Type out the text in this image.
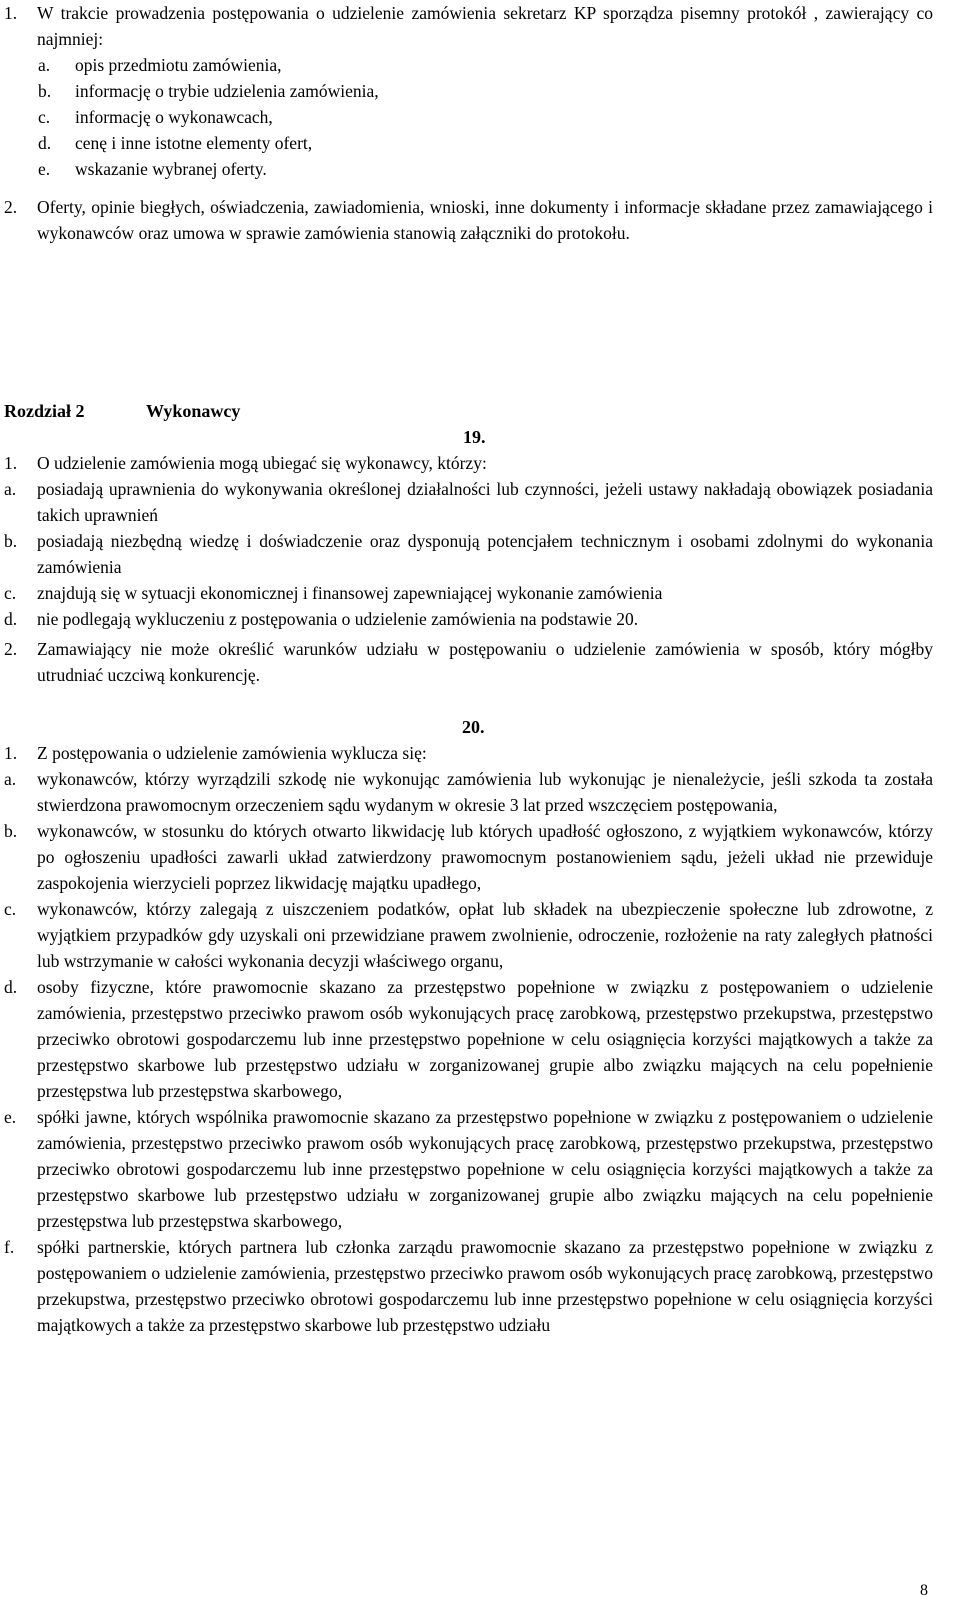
1.	W trakcie prowadzenia postępowania o udzielenie zamówienia sekretarz KP sporządza pisemny protokół , zawierający co najmniej:
a.	opis przedmiotu zamówienia,
b.	informację o trybie udzielenia zamówienia,
c.	informację o wykonawcach,
d.	cenę i inne istotne elementy ofert,
e.	wskazanie wybranej oferty.
2.	Oferty, opinie biegłych, oświadczenia, zawiadomienia, wnioski, inne dokumenty i informacje składane przez zamawiającego i wykonawców oraz umowa w sprawie zamówienia stanowią załączniki do protokołu.
Rozdział 2	Wykonawcy
19.
1.	O udzielenie zamówienia mogą ubiegać się wykonawcy, którzy:
a.	posiadają uprawnienia do wykonywania określonej działalności lub czynności, jeżeli ustawy nakładają obowiązek posiadania takich uprawnień
b.	posiadają niezbędną wiedzę i doświadczenie oraz dysponują potencjałem technicznym i osobami zdolnymi do wykonania zamówienia
c.	znajdują się w sytuacji ekonomicznej i finansowej zapewniającej wykonanie zamówienia
d.	nie podlegają wykluczeniu z postępowania o udzielenie zamówienia na podstawie 20.
2.	Zamawiający nie może określić warunków udziału w postępowaniu o udzielenie zamówienia w sposób, który mógłby utrudniać uczciwą konkurencję.
20.
1.	Z postępowania o udzielenie zamówienia wyklucza się:
a.	wykonawców, którzy wyrządzili szkodę nie wykonując zamówienia lub wykonując je nienależycie, jeśli szkoda ta została stwierdzona prawomocnym orzeczeniem sądu wydanym w okresie 3 lat przed wszczęciem postępowania,
b.	wykonawców, w stosunku do których otwarto likwidację lub których upadłość ogłoszono, z wyjątkiem wykonawców, którzy po ogłoszeniu upadłości zawarli układ zatwierdzony prawomocnym postanowieniem sądu, jeżeli układ nie przewiduje zaspokojenia wierzycieli poprzez likwidację majątku upadłego,
c.	wykonawców, którzy zalegają z uiszczeniem podatków, opłat lub składek na ubezpieczenie społeczne lub zdrowotne, z wyjątkiem przypadków gdy uzyskali oni przewidziane prawem zwolnienie, odroczenie, rozłożenie na raty zaległych płatności lub wstrzymanie w całości wykonania decyzji właściwego organu,
d.	osoby fizyczne, które prawomocnie skazano za przestępstwo popełnione w związku z postępowaniem o udzielenie zamówienia, przestępstwo przeciwko prawom osób wykonujących pracę zarobkową, przestępstwo przekupstwa, przestępstwo przeciwko obrotowi gospodarczemu lub inne przestępstwo popełnione w celu osiągnięcia korzyści majątkowych a także za przestępstwo skarbowe lub przestępstwo udziału w zorganizowanej grupie albo związku mających na celu popełnienie przestępstwa lub przestępstwa skarbowego,
e.	spółki jawne, których wspólnika prawomocnie skazano za przestępstwo popełnione w związku z postępowaniem o udzielenie zamówienia, przestępstwo przeciwko prawom osób wykonujących pracę zarobkową, przestępstwo przekupstwa, przestępstwo przeciwko obrotowi gospodarczemu lub inne przestępstwo popełnione w celu osiągnięcia korzyści majątkowych a także za przestępstwo skarbowe lub przestępstwo udziału w zorganizowanej grupie albo związku mających na celu popełnienie przestępstwa lub przestępstwa skarbowego,
f.	spółki partnerskie, których partnera lub członka zarządu prawomocnie skazano za przestępstwo popełnione w związku z postępowaniem o udzielenie zamówienia, przestępstwo przeciwko prawom osób wykonujących pracę zarobkową, przestępstwo przekupstwa, przestępstwo przeciwko obrotowi gospodarczemu lub inne przestępstwo popełnione w celu osiągnięcia korzyści majątkowych a także za przestępstwo skarbowe lub przestępstwo udziału
8
